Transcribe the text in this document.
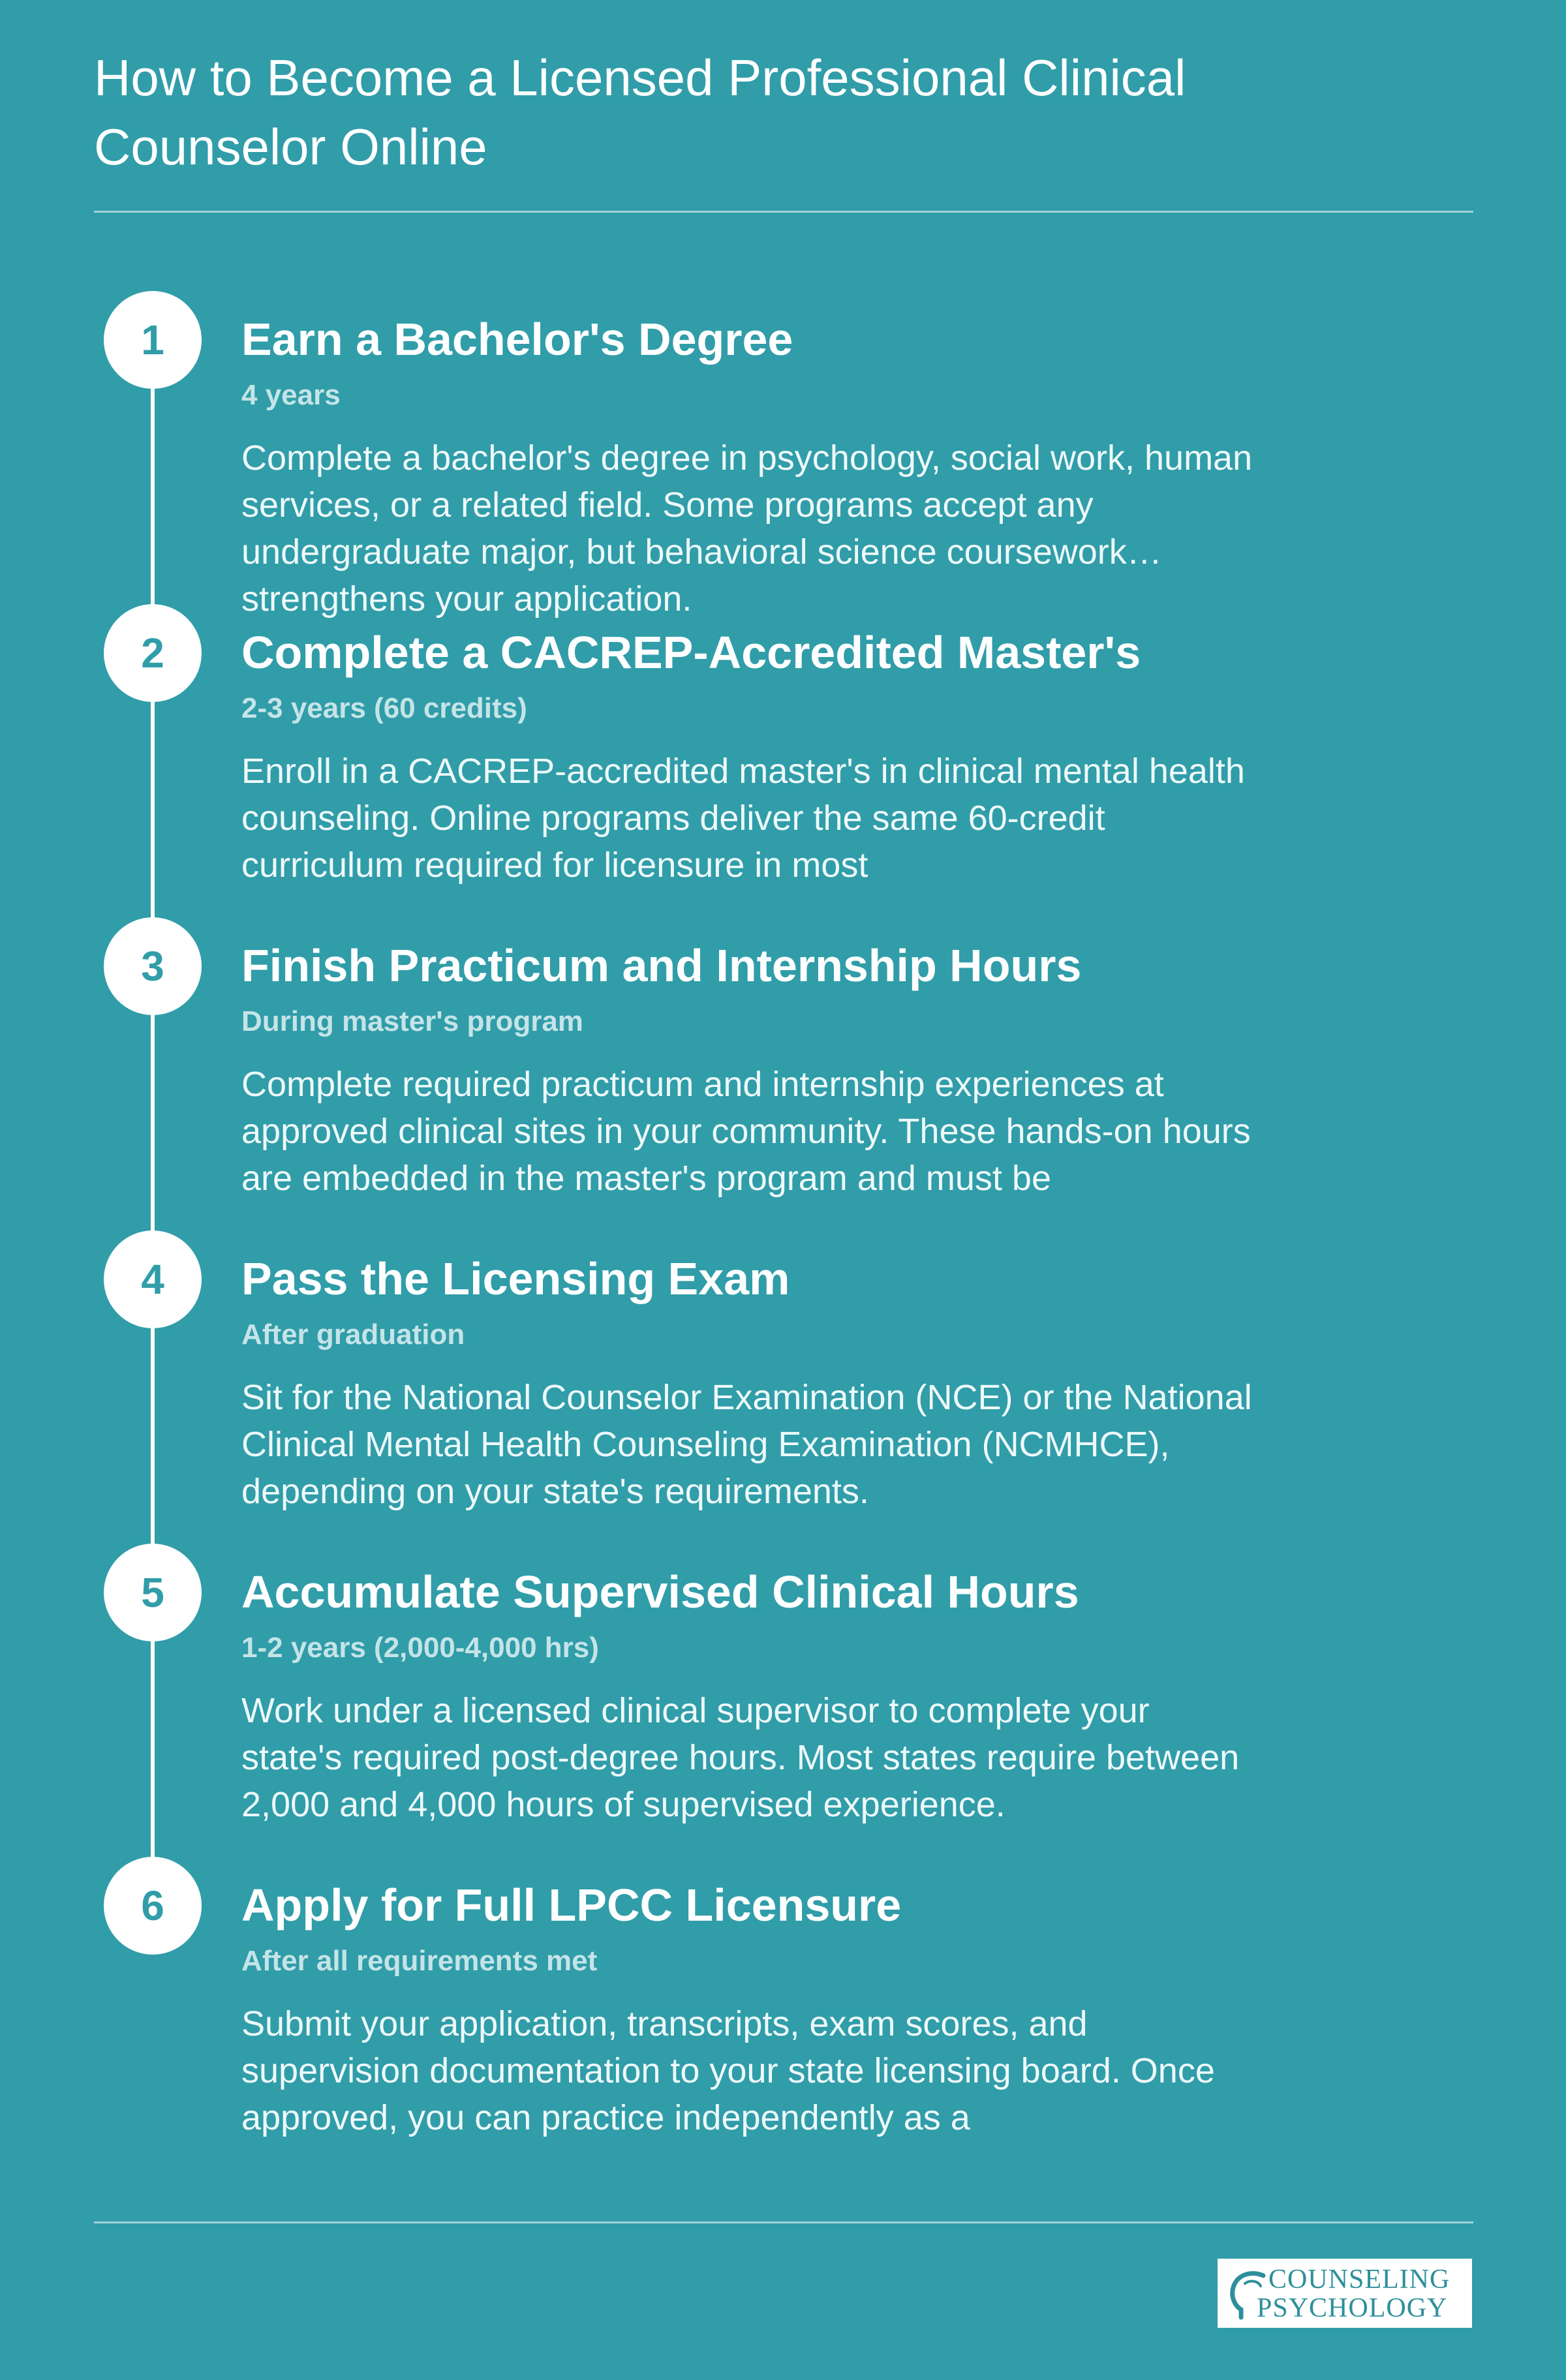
How to Become a Licensed Professional Clinical Counselor Online
1	Earn a Bachelor's Degree
4 years

Complete a bachelor's degree in psychology, social work, human services, or a related field. Some programs accept any undergraduate major, but behavioral science coursework strengthens your application.

2	Complete a CACREP-Accredited Master's
2-3 years (60 credits)

Enroll in a CACREP-accredited master's in clinical mental health counseling. Online programs deliver the same 60-credit curriculum required for licensure in most

3	Finish Practicum and Internship Hours
During master's program

Complete required practicum and internship experiences at approved clinical sites in your community. These hands-on hours are embedded in the master's program and must be

4	Pass the Licensing Exam
After graduation

Sit for the National Counselor Examination (NCE) or the National Clinical Mental Health Counseling Examination (NCMHCE), depending on your state's requirements.

5	Accumulate Supervised Clinical Hours
1-2 years (2,000-4,000 hrs)

Work under a licensed clinical supervisor to complete your state's required post-degree hours. Most states require between 2,000 and 4,000 hours of supervised experience.

6	Apply for Full LPCC Licensure
After all requirements met

Submit your application, transcripts, exam scores, and supervision documentation to your state licensing board. Once approved, you can practice independently as a

COUNSELING
PSYCHOLOGY
